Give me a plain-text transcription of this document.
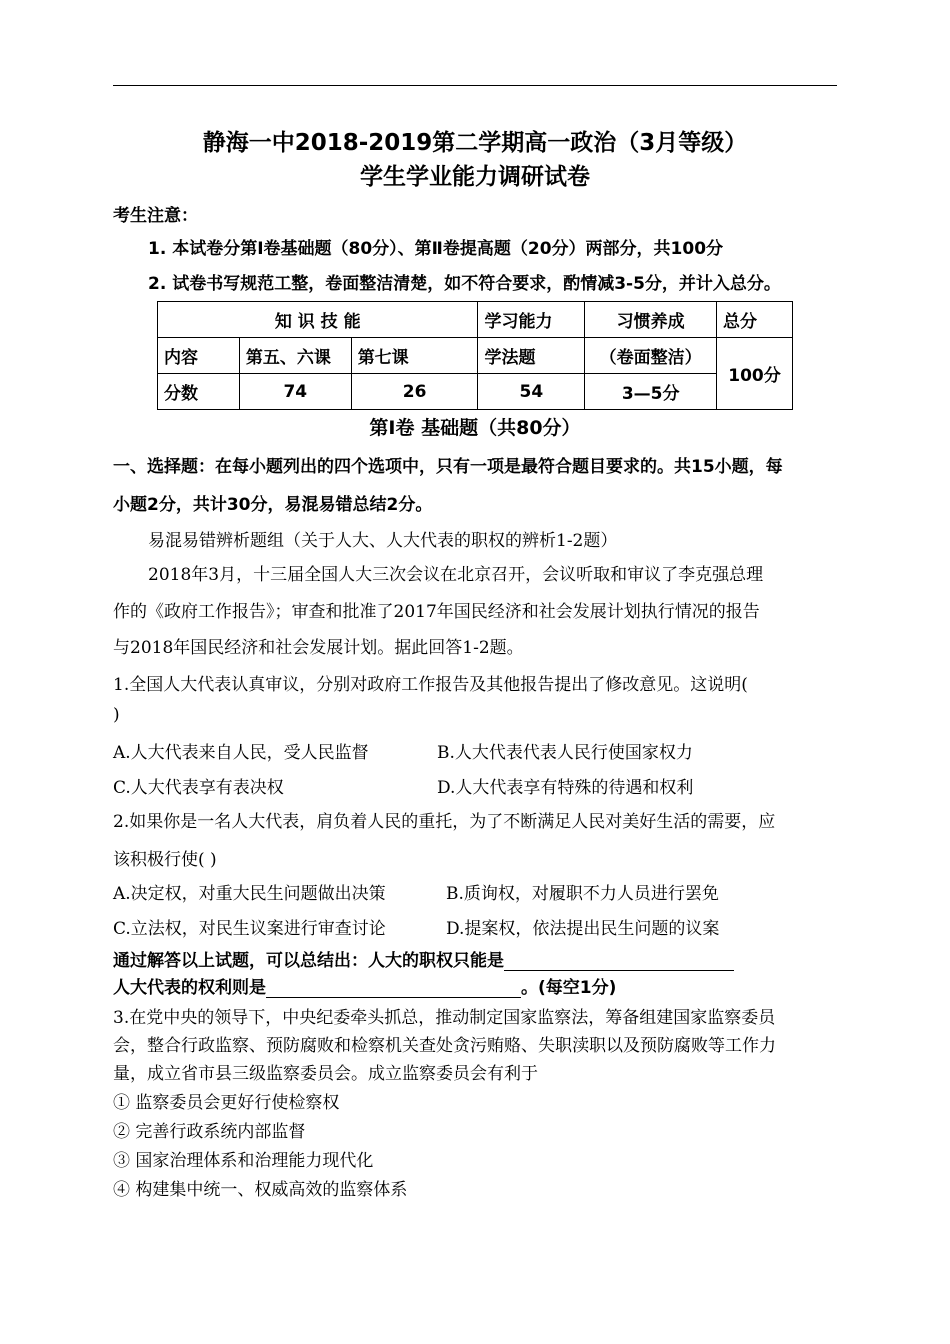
静海一中2018-2019第二学期高一政治（3月等级）
学生学业能力调研试卷
考生注意：
1. 本试卷分第Ⅰ卷基础题（80分）、第Ⅱ卷提高题（20分）两部分，共100分
2. 试卷书写规范工整，卷面整洁清楚，如不符合要求，酌情减3-5分，并计入总分。
知 识 技 能			学习能力	习惯养成	总分
内容	第五、六课	第七课	学法题	（卷面整洁）	100分
分数	74	26	54	3—5分	
第Ⅰ卷 基础题（共80分）
一、选择题：在每小题列出的四个选项中，只有一项是最符合题目要求的。共15小题，每
小题2分，共计30分，易混易错总结2分。
易混易错辨析题组（关于人大、人大代表的职权的辨析1-2题）
2018年3月，十三届全国人大三次会议在北京召开，会议听取和审议了李克强总理
作的《政府工作报告》；审查和批准了2017年国民经济和社会发展计划执行情况的报告
与2018年国民经济和社会发展计划。据此回答1-2题。
1.全国人大代表认真审议，分别对政府工作报告及其他报告提出了修改意见。这说明(
)
A.人大代表来自人民，受人民监督	B.人大代表代表人民行使国家权力
C.人大代表享有表决权	D.人大代表享有特殊的待遇和权利
2.如果你是一名人大代表，肩负着人民的重托，为了不断满足人民对美好生活的需要，应
该积极行使( )
A.决定权，对重大民生问题做出决策	B.质询权，对履职不力人员进行罢免
C.立法权，对民生议案进行审查讨论	D.提案权，依法提出民生问题的议案
通过解答以上试题，可以总结出：人大的职权只能是
人大代表的权利则是	。(每空1分)
3.在党中央的领导下，中央纪委牵头抓总，推动制定国家监察法，筹备组建国家监察委员
会，整合行政监察、预防腐败和检察机关查处贪污贿赂、失职渎职以及预防腐败等工作力
量，成立省市县三级监察委员会。成立监察委员会有利于
① 监察委员会更好行使检察权
② 完善行政系统内部监督
③ 国家治理体系和治理能力现代化
④ 构建集中统一、权威高效的监察体系
